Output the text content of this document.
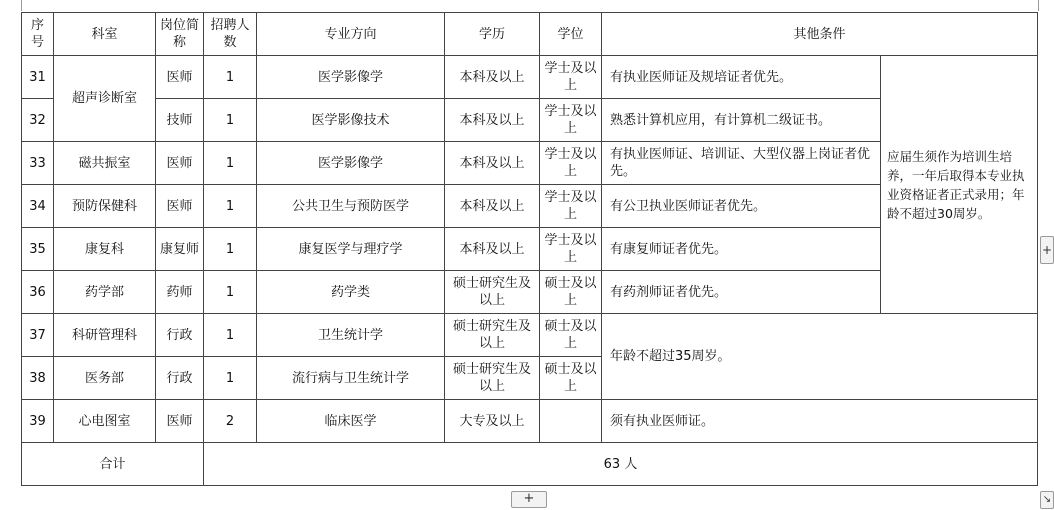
序号	科室	岗位简称	招聘人数	专业方向	学历	学位	其他条件	
31	超声诊断室	医师	1	医学影像学	本科及以上	学士及以上	有执业医师证及规培证者优先。	应届生须作为培训生培养，一年后取得本专业执业资格证者正式录用；年龄不超过30周岁。
32		技师	1	医学影像技术	本科及以上	学士及以上	熟悉计算机应用，有计算机二级证书。	
33	磁共振室	医师	1	医学影像学	本科及以上	学士及以上	有执业医师证、培训证、大型仪器上岗证者优先。	
34	预防保健科	医师	1	公共卫生与预防医学	本科及以上	学士及以上	有公卫执业医师证者优先。	
35	康复科	康复师	1	康复医学与理疗学	本科及以上	学士及以上	有康复师证者优先。	
36	药学部	药师	1	药学类	硕士研究生及以上	硕士及以上	有药剂师证者优先。	
37	科研管理科	行政	1	卫生统计学	硕士研究生及以上	硕士及以上	年龄不超过35周岁。	
38	医务部	行政	1	流行病与卫生统计学	硕士研究生及以上	硕士及以上		
39	心电图室	医师	2	临床医学	大专及以上		须有执业医师证。	
合计			63 人					
+
+	↘
